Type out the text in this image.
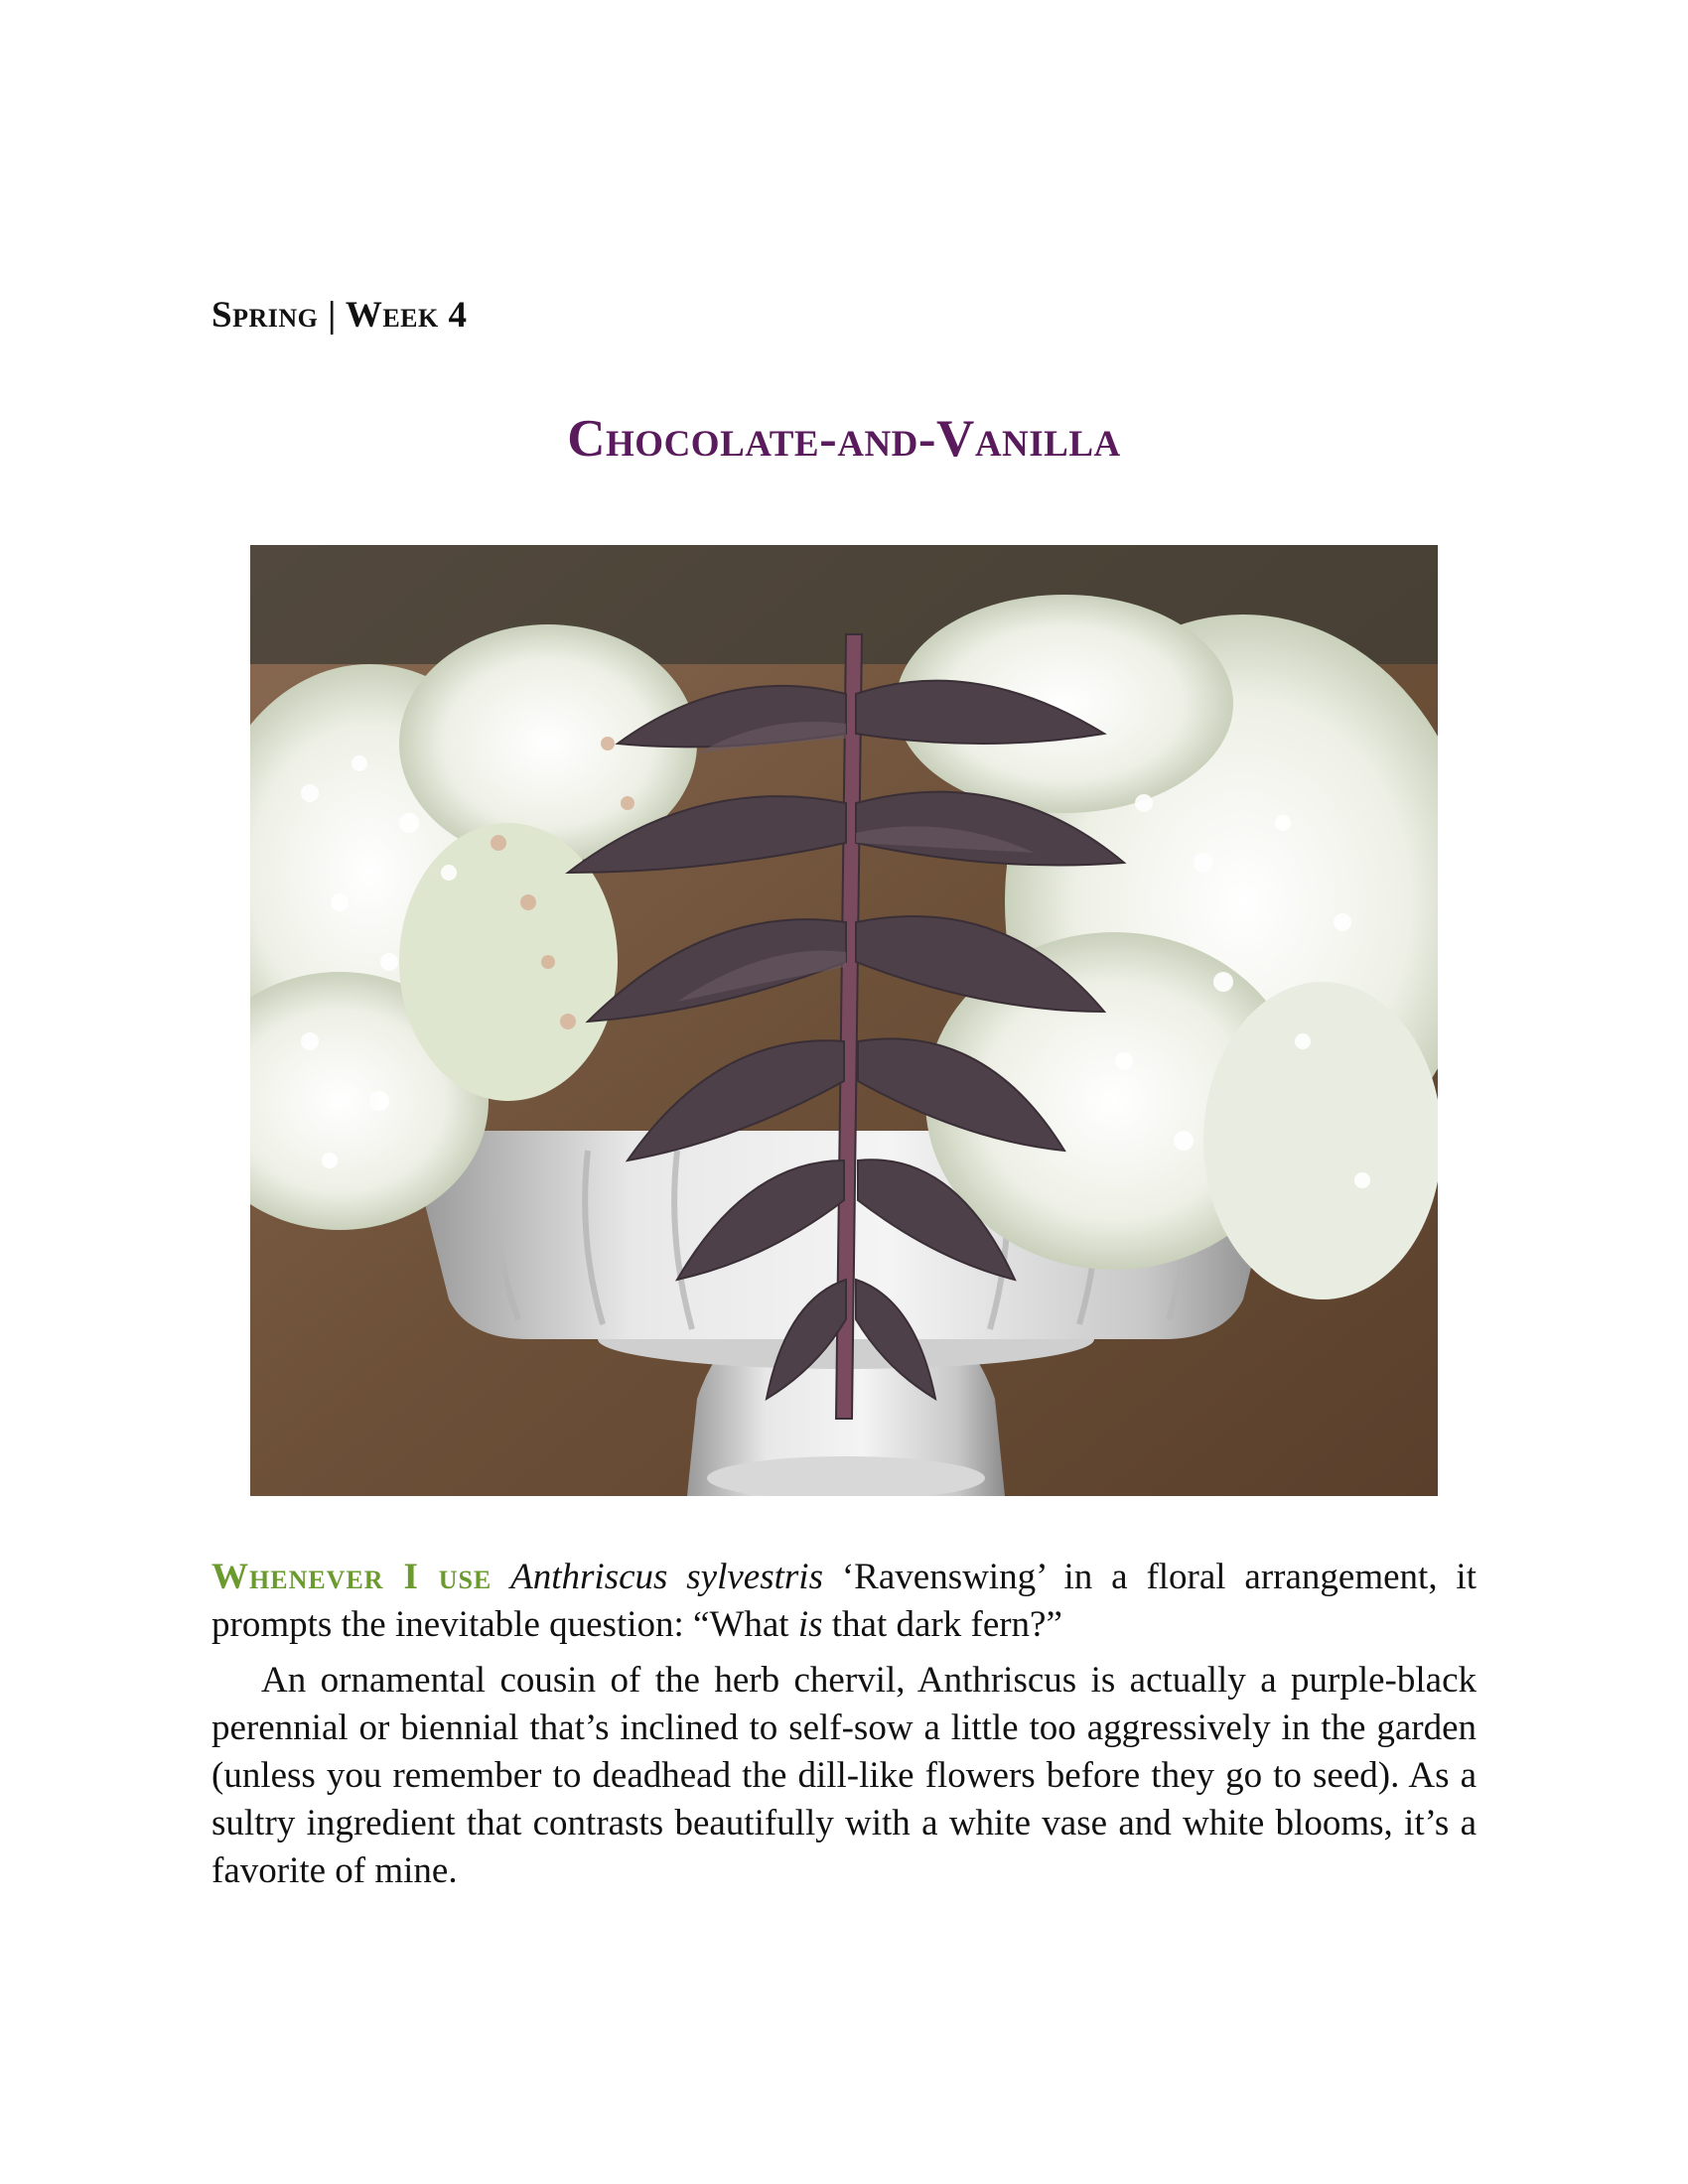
Spring | Week 4
Chocolate-and-Vanilla

Whenever I use Anthriscus sylvestris ‘Ravenswing’ in a floral arrangement, it prompts the inevitable question: “What is that dark fern?”

An ornamental cousin of the herb chervil, Anthriscus is actually a purple-black perennial or biennial that’s inclined to self-sow a little too aggressively in the garden (unless you remember to deadhead the dill-like flowers before they go to seed). As a sultry ingredient that contrasts beautifully with a white vase and white blooms, it’s a favorite of mine.
